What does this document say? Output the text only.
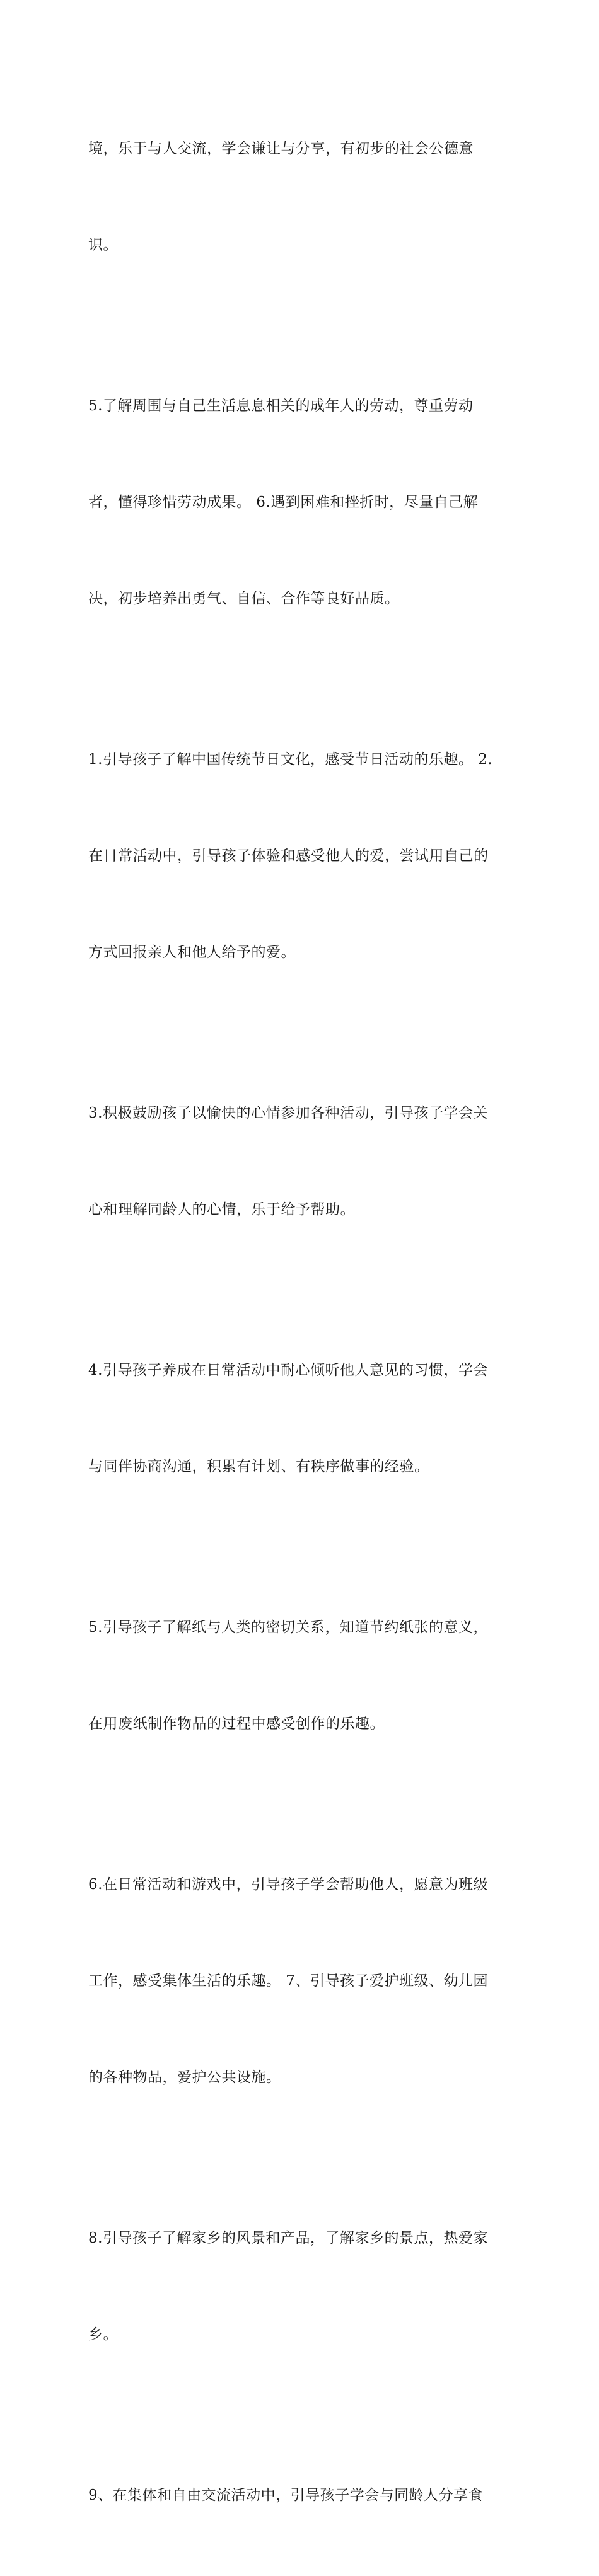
境，乐于与人交流，学会谦让与分享，有初步的社会公德意

识。

5.了解周围与自己生活息息相关的成年人的劳动，尊重劳动

者，懂得珍惜劳动成果。 6.遇到困难和挫折时，尽量自己解

决，初步培养出勇气、自信、合作等良好品质。

1.引导孩子了解中国传统节日文化，感受节日活动的乐趣。 2.

在日常活动中，引导孩子体验和感受他人的爱，尝试用自己的

方式回报亲人和他人给予的爱。

3.积极鼓励孩子以愉快的心情参加各种活动，引导孩子学会关

心和理解同龄人的心情，乐于给予帮助。

4.引导孩子养成在日常活动中耐心倾听他人意见的习惯，学会

与同伴协商沟通，积累有计划、有秩序做事的经验。

5.引导孩子了解纸与人类的密切关系，知道节约纸张的意义，

在用废纸制作物品的过程中感受创作的乐趣。

6.在日常活动和游戏中，引导孩子学会帮助他人，愿意为班级

工作，感受集体生活的乐趣。 7、引导孩子爱护班级、幼儿园

的各种物品，爱护公共设施。

8.引导孩子了解家乡的风景和产品，了解家乡的景点，热爱家

乡。

9、在集体和自由交流活动中，引导孩子学会与同龄人分享食
